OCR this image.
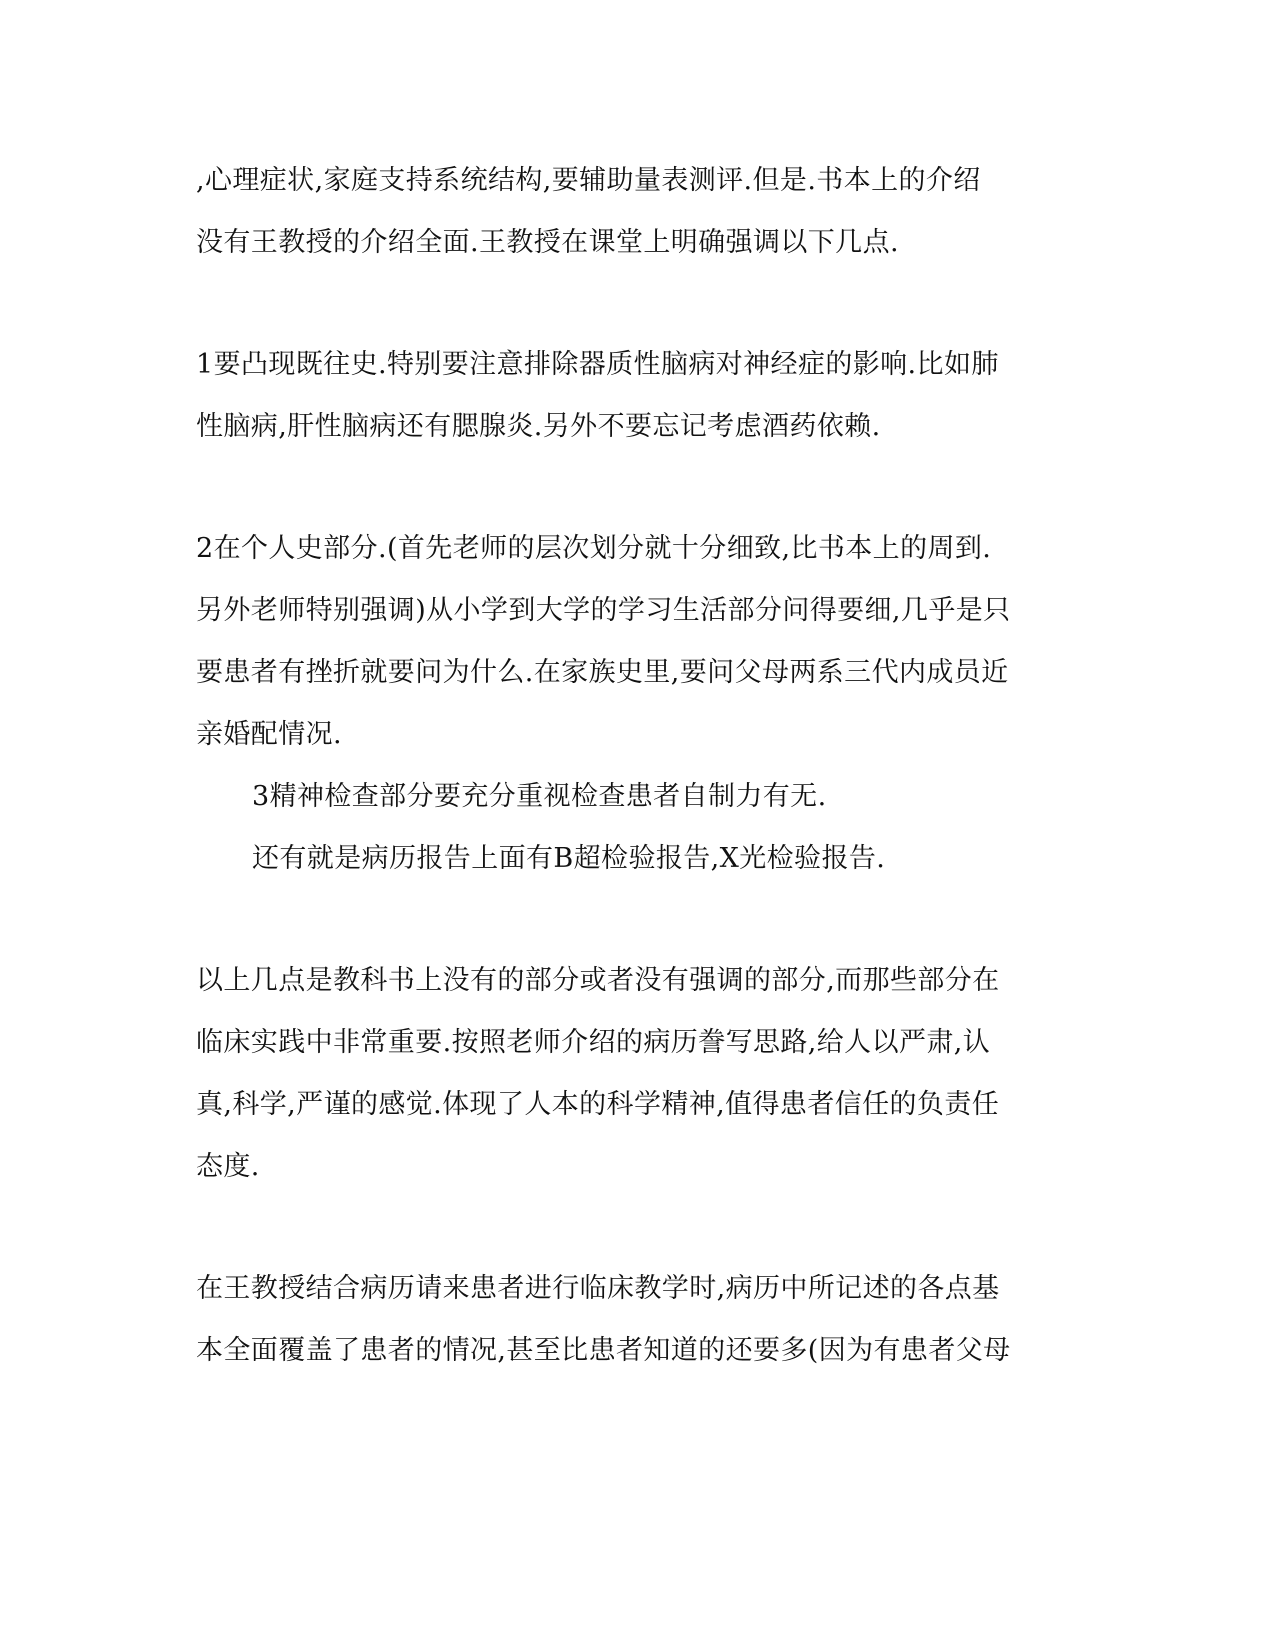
,心理症状,家庭支持系统结构,要辅助量表测评.但是.书本上的介绍
没有王教授的介绍全面.王教授在课堂上明确强调以下几点.
1要凸现既往史.特别要注意排除器质性脑病对神经症的影响.比如肺
性脑病,肝性脑病还有腮腺炎.另外不要忘记考虑酒药依赖.
2在个人史部分.(首先老师的层次划分就十分细致,比书本上的周到.
另外老师特别强调)从小学到大学的学习生活部分问得要细,几乎是只
要患者有挫折就要问为什么.在家族史里,要问父母两系三代内成员近
亲婚配情况.
3精神检查部分要充分重视检查患者自制力有无.
还有就是病历报告上面有B超检验报告,X光检验报告.
以上几点是教科书上没有的部分或者没有强调的部分,而那些部分在
临床实践中非常重要.按照老师介绍的病历誊写思路,给人以严肃,认
真,科学,严谨的感觉.体现了人本的科学精神,值得患者信任的负责任
态度.
在王教授结合病历请来患者进行临床教学时,病历中所记述的各点基
本全面覆盖了患者的情况,甚至比患者知道的还要多(因为有患者父母
